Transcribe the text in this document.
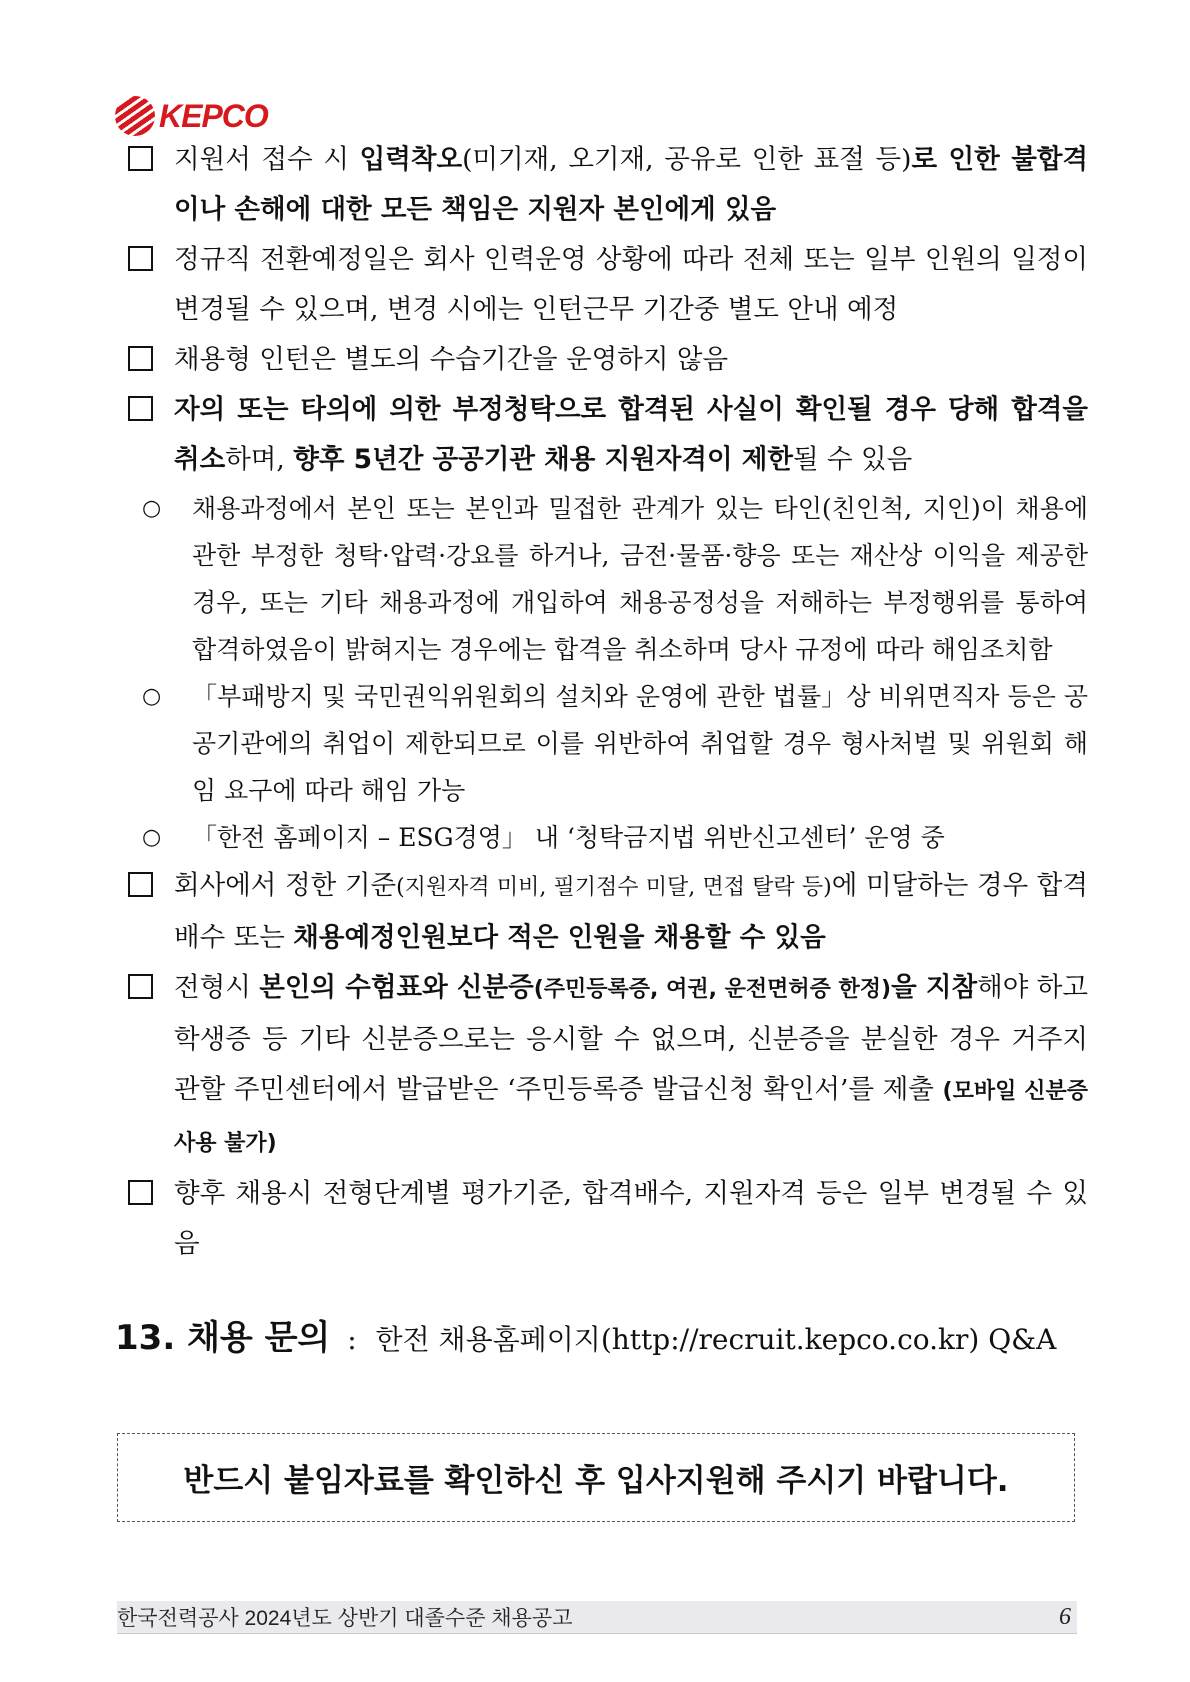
KEPCO
지원서 접수 시 입력착오(미기재, 오기재, 공유로 인한 표절 등)로 인한 불합격이나 손해에 대한 모든 책임은 지원자 본인에게 있음
정규직 전환예정일은 회사 인력운영 상황에 따라 전체 또는 일부 인원의 일정이 변경될 수 있으며, 변경 시에는 인턴근무 기간중 별도 안내 예정
채용형 인턴은 별도의 수습기간을 운영하지 않음
자의 또는 타의에 의한 부정청탁으로 합격된 사실이 확인될 경우 당해 합격을 취소하며, 향후 5년간 공공기관 채용 지원자격이 제한될 수 있음
○ 채용과정에서 본인 또는 본인과 밀접한 관계가 있는 타인(친인척, 지인)이 채용에 관한 부정한 청탁·압력·강요를 하거나, 금전·물품·향응 또는 재산상 이익을 제공한 경우, 또는 기타 채용과정에 개입하여 채용공정성을 저해하는 부정행위를 통하여 합격하였음이 밝혀지는 경우에는 합격을 취소하며 당사 규정에 따라 해임조치함
○ 「부패방지 및 국민권익위원회의 설치와 운영에 관한 법률」상 비위면직자 등은 공공기관에의 취업이 제한되므로 이를 위반하여 취업할 경우 형사처벌 및 위원회 해임 요구에 따라 해임 가능
○ 「한전 홈페이지 – ESG경영」 내 ‘청탁금지법 위반신고센터’ 운영 중
회사에서 정한 기준(지원자격 미비, 필기점수 미달, 면접 탈락 등)에 미달하는 경우 합격배수 또는 채용예정인원보다 적은 인원을 채용할 수 있음
전형시 본인의 수험표와 신분증(주민등록증, 여권, 운전면허증 한정)을 지참해야 하고 학생증 등 기타 신분증으로는 응시할 수 없으며, 신분증을 분실한 경우 거주지 관할 주민센터에서 발급받은 ‘주민등록증 발급신청 확인서’를 제출 (모바일 신분증 사용 불가)
향후 채용시 전형단계별 평가기준, 합격배수, 지원자격 등은 일부 변경될 수 있음
13. 채용 문의 : 한전 채용홈페이지(http://recruit.kepco.co.kr) Q&A
반드시 붙임자료를 확인하신 후 입사지원해 주시기 바랍니다.
한국전력공사 2024년도 상반기 대졸수준 채용공고	6
